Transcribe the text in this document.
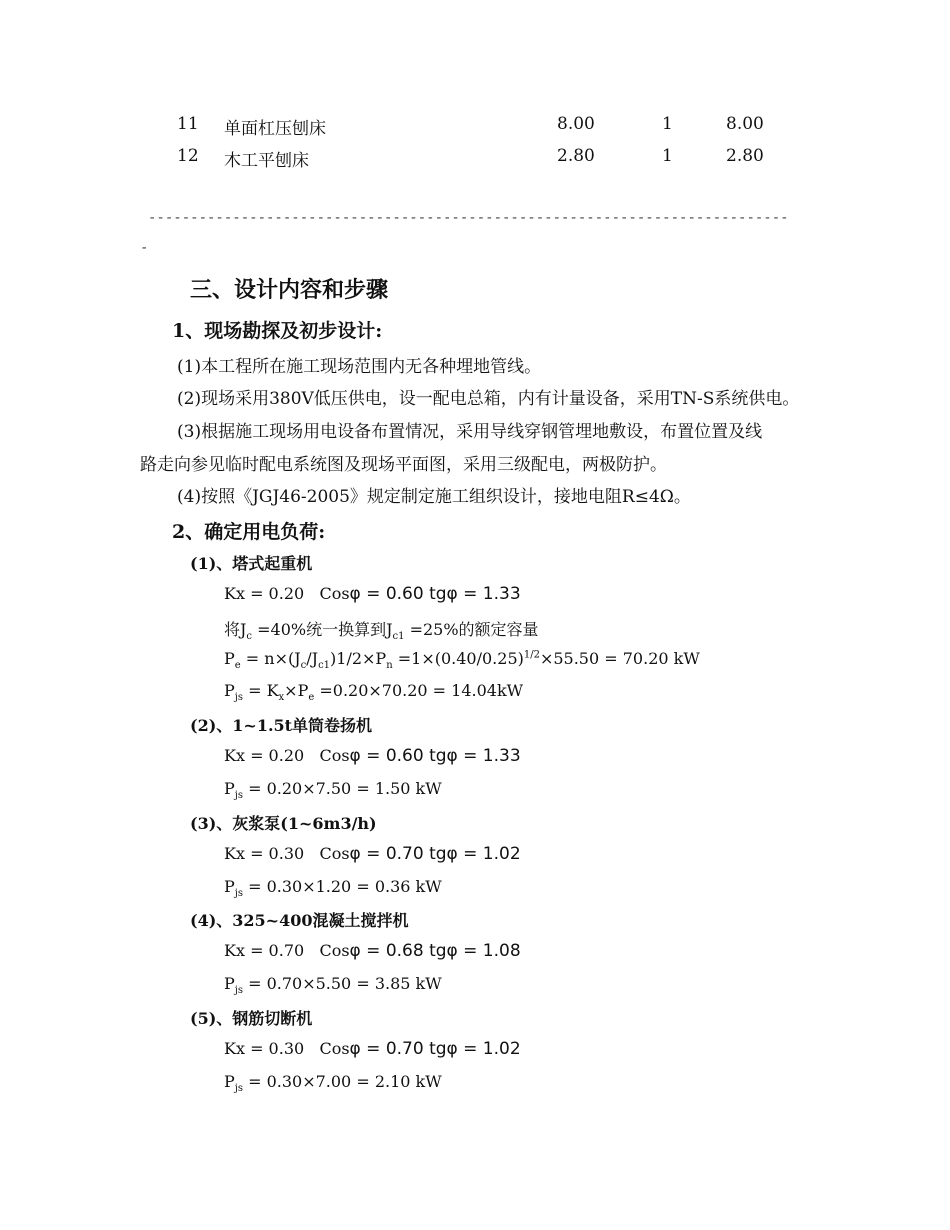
11 单面杠压刨床	8.00	1	8.00
12 木工平刨床	2.80	1	2.80
----------------------------------------------------------------------------
-
三、设计内容和步骤
1、现场勘探及初步设计:
(1)本工程所在施工现场范围内无各种埋地管线。
(2)现场采用380V低压供电，设一配电总箱，内有计量设备，采用TN-S系统供电。
(3)根据施工现场用电设备布置情况，采用导线穿钢管埋地敷设，布置位置及线
路走向参见临时配电系统图及现场平面图，采用三级配电，两极防护。
(4)按照《JGJ46-2005》规定制定施工组织设计，接地电阻R≤4Ω。
2、确定用电负荷:
(1)、塔式起重机
Kx = 0.20 Cosφ = 0.60 tgφ = 1.33
将$J_c =40\%$统一换算到$J_{c1} =25\%$的额定容量
$P_e = n\times(J_c/J_{c1})1/2\times P_n =1\times(0.40/0.25)^{1/2}\times 55.50 = 70.20$ kW
$P_{js} = K_x\times P_e =0.20\times 70.20 = 14.04kW$
(2)、1~1.5t单筒卷扬机
Kx = 0.20 Cosφ = 0.60 tgφ = 1.33
$P_{js} = 0.20\times 7.50 = 1.50$ kW
(3)、灰浆泵(1~6m3/h)
Kx = 0.30 Cosφ = 0.70 tgφ = 1.02
$P_{js} = 0.30\times 1.20 = 0.36$ kW
(4)、325~400混凝土搅拌机
Kx = 0.70 Cosφ = 0.68 tgφ = 1.08
$P_{js} = 0.70\times 5.50 = 3.85$ kW
(5)、钢筋切断机
Kx = 0.30 Cosφ = 0.70 tgφ = 1.02
$P_{js} = 0.30\times 7.00 = 2.10$ kW
